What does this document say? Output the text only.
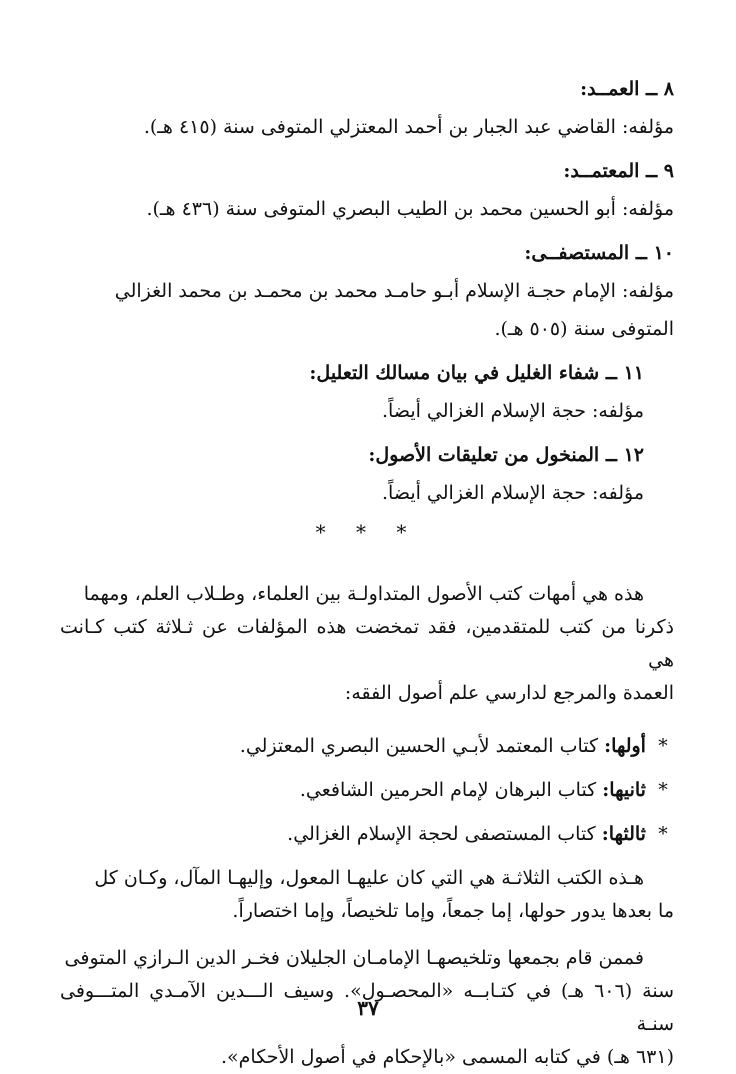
٨ ــ العمــد:
مؤلفه: القاضي عبد الجبار بن أحمد المعتزلي المتوفى سنة (٤١٥ هـ).
٩ ــ المعتمــد:
مؤلفه: أبو الحسين محمد بن الطيب البصري المتوفى سنة (٤٣٦ هـ).
١٠ ــ المستصفــى:
مؤلفه: الإمام حجـة الإسلام أبـو حامـد محمد بن محمـد بن محمد الغزالي
المتوفى سنة (٥٠٥ هـ).
١١ ــ شفاء الغليل في بيان مسالك التعليل:
مؤلفه: حجة الإسلام الغزالي أيضاً.
١٢ ــ المنخول من تعليقات الأصول:
مؤلفه: حجة الإسلام الغزالي أيضاً.
* * *
هذه هي أمهات كتب الأصول المتداولـة بين العلماء، وطـلاب العلم، ومهما
ذكرنا من كتب للمتقدمين، فقد تمخضت هذه المؤلفات عن ثـلاثة كتب كـانت هي
العمدة والمرجع لدارسي علم أصول الفقه:
* أولها: كتاب المعتمد لأبـي الحسين البصري المعتزلي.
* ثانيها: كتاب البرهان لإمام الحرمين الشافعي.
* ثالثها: كتاب المستصفى لحجة الإسلام الغزالي.
هـذه الكتب الثلاثـة هي التي كان عليهـا المعول، وإليهـا المآل، وكـان كل
ما بعدها يدور حولها، إما جمعاً، وإما تلخيصاً، وإما اختصاراً.
فممن قام بجمعها وتلخيصهـا الإمامـان الجليلان فخـر الدين الـرازي المتوفى
سنة (٦٠٦ هـ) في كتـابــه «المحصـول». وسيف الـــدين الآمـدي المتـــوفى سنـة
(٦٣١ هـ) في كتابه المسمى «بالإحكام في أصول الأحكام».
٣٧
